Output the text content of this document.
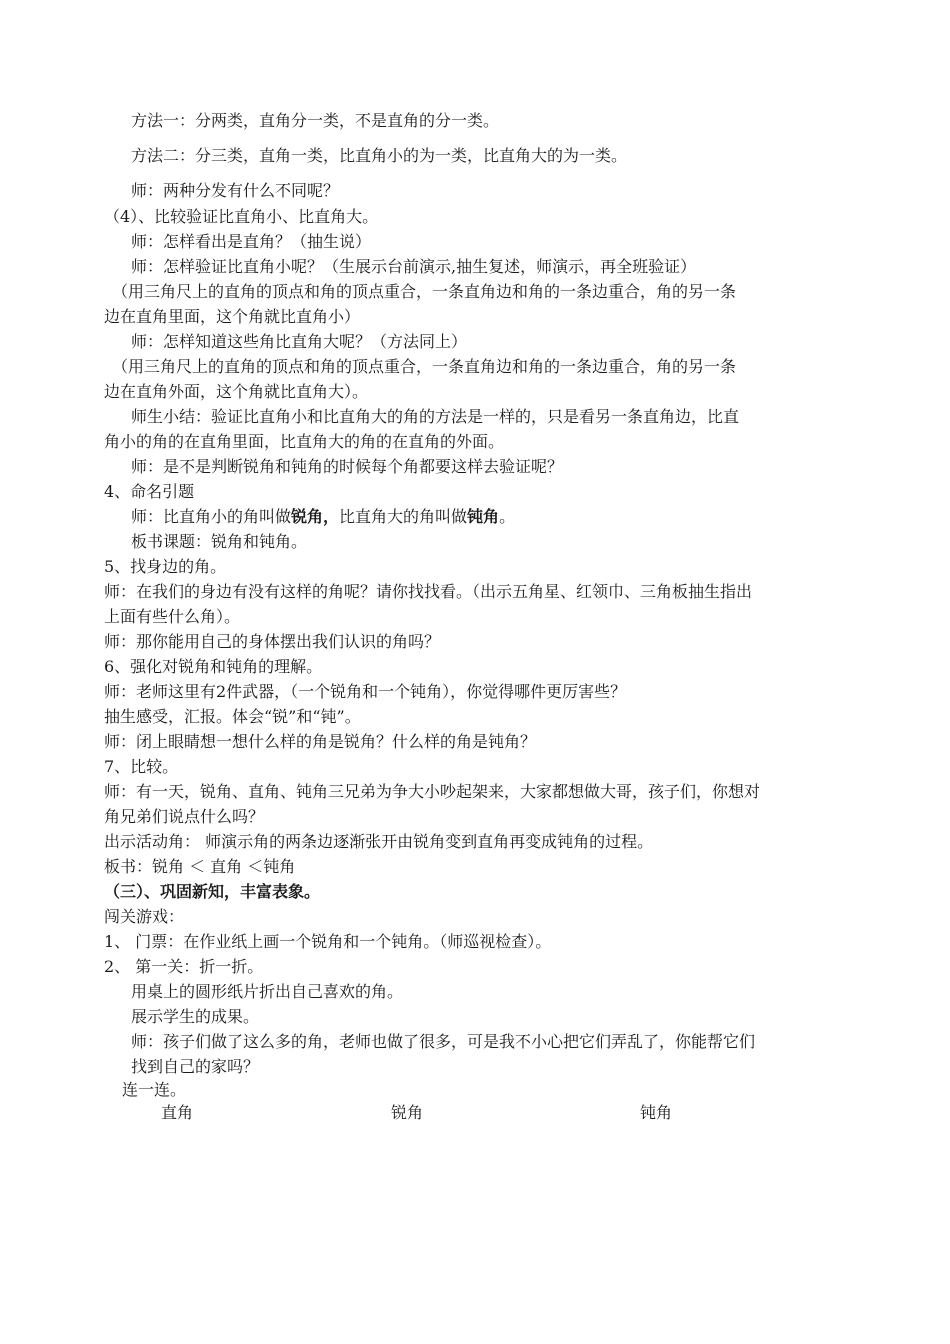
方法一：分两类，直角分一类，不是直角的分一类。
方法二：分三类，直角一类，比直角小的为一类，比直角大的为一类。
师：两种分发有什么不同呢？
（4）、比较验证比直角小、比直角大。
师：怎样看出是直角？（抽生说）
师：怎样验证比直角小呢？（生展示台前演示,抽生复述，师演示，再全班验证）
（用三角尺上的直角的顶点和角的顶点重合，一条直角边和角的一条边重合，角的另一条
边在直角里面，这个角就比直角小）
师：怎样知道这些角比直角大呢？（方法同上）
（用三角尺上的直角的顶点和角的顶点重合，一条直角边和角的一条边重合，角的另一条
边在直角外面，这个角就比直角大）。
师生小结：验证比直角小和比直角大的角的方法是一样的，只是看另一条直角边，比直
角小的角的在直角里面，比直角大的角的在直角的外面。
师：是不是判断锐角和钝角的时候每个角都要这样去验证呢？
4、命名引题
师：比直角小的角叫做锐角，比直角大的角叫做钝角。
板书课题：锐角和钝角。
5、找身边的角。
师：在我们的身边有没有这样的角呢？请你找找看。（出示五角星、红领巾、三角板抽生指出
上面有些什么角）。
师：那你能用自己的身体摆出我们认识的角吗？
6、强化对锐角和钝角的理解。
师：老师这里有2件武器，（一个锐角和一个钝角），你觉得哪件更厉害些？
抽生感受，汇报。体会“锐”和“钝”。
师：闭上眼睛想一想什么样的角是锐角？什么样的角是钝角？
7、比较。
师：有一天，锐角、直角、钝角三兄弟为争大小吵起架来，大家都想做大哥，孩子们，你想对
角兄弟们说点什么吗？
出示活动角： 师演示角的两条边逐渐张开由锐角变到直角再变成钝角的过程。
板书：锐角 ＜ 直角 ＜钝角
（三）、巩固新知，丰富表象。
闯关游戏：
1、 门票：在作业纸上画一个锐角和一个钝角。（师巡视检查）。
2、 第一关：折一折。
用桌上的圆形纸片折出自己喜欢的角。
展示学生的成果。
师：孩子们做了这么多的角，老师也做了很多，可是我不小心把它们弄乱了，你能帮它们
找到自己的家吗？
连一连。
直角	锐角	钝角
